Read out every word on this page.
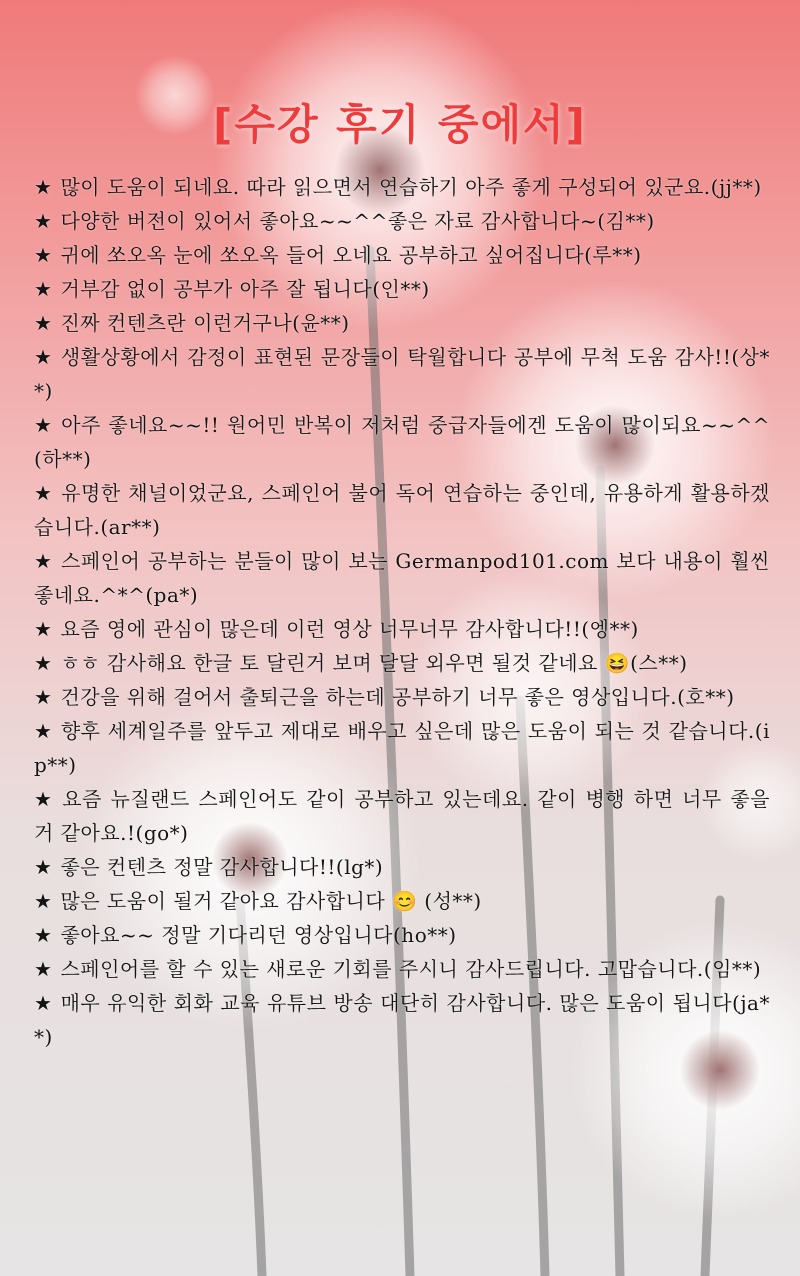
[수강 후기 중에서]
★ 많이 도움이 되네요. 따라 읽으면서 연습하기 아주 좋게 구성되어 있군요.(jj**)
★ 다양한 버전이 있어서 좋아요~~^^좋은 자료 감사합니다~(김**)
★ 귀에 쏘오옥 눈에 쏘오옥 들어 오네요 공부하고 싶어집니다(루**)
★ 거부감 없이 공부가 아주 잘 됩니다(인**)
★ 진짜 컨텐츠란 이런거구나(윤**)
★ 생활상황에서 감정이 표현된 문장들이 탁월합니다 공부에 무척 도움 감사!!(상**)
★ 아주 좋네요~~!! 원어민 반복이 저처럼 중급자들에겐 도움이 많이되요~~^^(하**)
★ 유명한 채널이었군요, 스페인어 불어 독어 연습하는 중인데, 유용하게 활용하겠습니다.(ar**)
★ 스페인어 공부하는 분들이 많이 보는 Germanpod101.com 보다 내용이 훨씬 좋네요.^*^(pa*)
★ 요즘 영에 관심이 많은데 이런 영상 너무너무 감사합니다!!(엥**)
★ ㅎㅎ 감사해요 한글 토 달린거 보며 달달 외우면 될것 같네요 😆(스**)
★ 건강을 위해 걸어서 출퇴근을 하는데 공부하기 너무 좋은 영상입니다.(호**)
★ 향후 세계일주를 앞두고 제대로 배우고 싶은데 많은 도움이 되는 것 같습니다.(ip**)
★ 요즘 뉴질랜드 스페인어도 같이 공부하고 있는데요. 같이 병행 하면 너무 좋을거 같아요.!(go*)
★ 좋은 컨텐츠 정말 감사합니다!!(lg*)
★ 많은 도움이 될거 같아요 감사합니다 😊 (성**)
★ 좋아요~~ 정말 기다리던 영상입니다(ho**)
★ 스페인어를 할 수 있는 새로운 기회를 주시니 감사드립니다. 고맙습니다.(임**)
★ 매우 유익한 회화 교육 유튜브 방송 대단히 감사합니다. 많은 도움이 됩니다(ja**)
